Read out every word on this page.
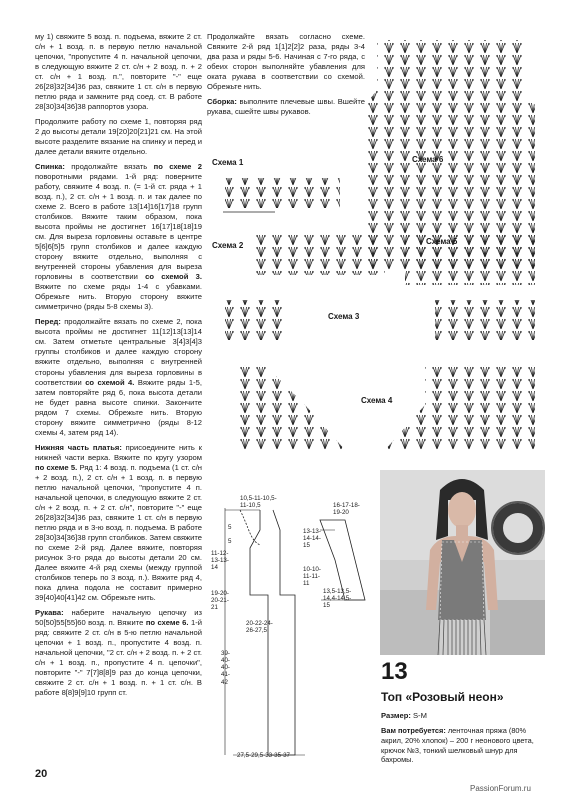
му 1) свяжите 5 возд. п. подъема, вяжите 2 ст. с/н + 1 возд. п. в первую петлю начальной цепочки, "пропустите 4 п. начальной цепочки, в следующую вяжите 2 ст. с/н + 2 возд. п. + 2 ст. с/н + 1 возд. п.", повторите "-" еще 26[28]32[34]36 раз, свяжите 1 ст. с/н в первую петлю ряда и замкните ряд соед. ст. В работе 28[30]34[36]38 раппортов узора.

Продолжите работу по схеме 1, повторяя ряд 2 до высоты детали 19[20]20[21]21 см. На этой высоте разделите вязание на спинку и перед и далее детали вяжите отдельно.

Спинка: продолжайте вязать по схеме 2 поворотными рядами. 1-й ряд: поверните работу, свяжите 4 возд. п. (= 1-й ст. ряда + 1 возд. п.), 2 ст. с/н + 1 возд. п. и так далее по схеме 2. Всего в работе 13[14]16[17]18 групп столбиков. Вяжите таким образом, пока высота проймы не достигнет 16[17]18[18]19 см. Для выреза горловины оставьте в центре 5[6]6[5]5 групп столбиков и далее каждую сторону вяжите отдельно, выполняя с внутренней стороны убавления для выреза горловины в соответствии со схемой 3. Вяжите по схеме ряды 1-4 с убавками. Обрежьте нить. Вторую сторону вяжите симметрично (ряды 5-8 схемы 3).

Перед: продолжайте вязать по схеме 2, пока высота проймы не достигнет 11[12]13[13]14 см. Затем отметьте центральные 3[4]3[4]3 группы столбиков и далее каждую сторону вяжите отдельно, выполняя с внутренней стороны убавления для выреза горловины в соответствии со схемой 4. Вяжите ряды 1-5, затем повторяйте ряд 6, пока высота детали не будет равна высоте спинки. Закончите рядом 7 схемы. Обрежьте нить. Вторую сторону вяжите симметрично (ряды 8-12 схемы 4, затем ряд 14).

Нижняя часть платья: присоедините нить к нижней части верха. Вяжите по кругу узором по схеме 5. Ряд 1: 4 возд. п. подъема (1 ст. с/н + 2 возд. п.), 2 ст. с/н + 1 возд. п. в первую петлю начальной цепочки, "пропустите 4 п. начальной цепочки, в следующую вяжите 2 ст. с/н + 2 возд. п. + 2 ст. с/н", повторите "-" еще 26[28]32[34]36 раз, свяжите 1 ст. с/н в первую петлю ряда и в 3-ю возд. п. подъема. В работе 28[30]34[36]38 групп столбиков. Затем свяжите по схеме 2-й ряд. Далее вяжите, повторяя рисунок 3-го ряда до высоты детали 20 см. Далее вяжите 4-й ряд схемы (между группой столбиков теперь по 3 возд. п.). Вяжите ряд 4, пока длина подола не составит примерно 39[40]40[41]42 см. Обрежьте нить.

Рукава: наберите начальную цепочку из 50[50]55[55]60 возд. п. Вяжите по схеме 6. 1-й ряд: свяжите 2 ст. с/н в 5-ю петлю начальной цепочки + 1 возд. п., пропустите 4 возд. п. начальной цепочки, "2 ст. с/н + 2 возд. п. + 2 ст. с/н + 1 возд. п., пропустите 4 п. цепочки", повторите "-" 7[7]8[8]9 раз до конца цепочки, свяжите 2 ст. с/н + 1 возд. п. + 1 ст. с/н. В работе 8[8]9[9]10 групп ст.

Продолжайте вязать согласно схеме. Свяжите 2-й ряд 1[1]2[2]2 раза, ряды 3-4 два раза и ряды 5-6. Начиная с 7-го ряда, с обеих сторон выполняйте убавления для оката рукава в соответствии со схемой. Обрежьте нить.

Сборка: выполните плечевые швы. Вшейте рукава, сшейте швы рукавов.

Схема 1	Схема 6
Схема 2	Схема 5
Схема 3
Схема 4
10,5-11-10,5-
11-10,5
5
5
11-12-
13-13-
14
19-20-
20-21-
21
20-22-24-
26-27,5
39-
40-
40-
41-
42
27,5-29,5-33-35-37
16-17-18-
19-20
13-13-
14-14-
15
10-10-
11-11-
11
13,5-13,5-
14,4-14,5-
15
13
Топ «Розовый неон»
Размер: S-M
Вам потребуется: ленточная пряжа (80% акрил, 20% хлопок) – 200 г неонового цвета, крючок №3, тонкий шелковый шнур для бахромы.
20
PassionForum.ru
